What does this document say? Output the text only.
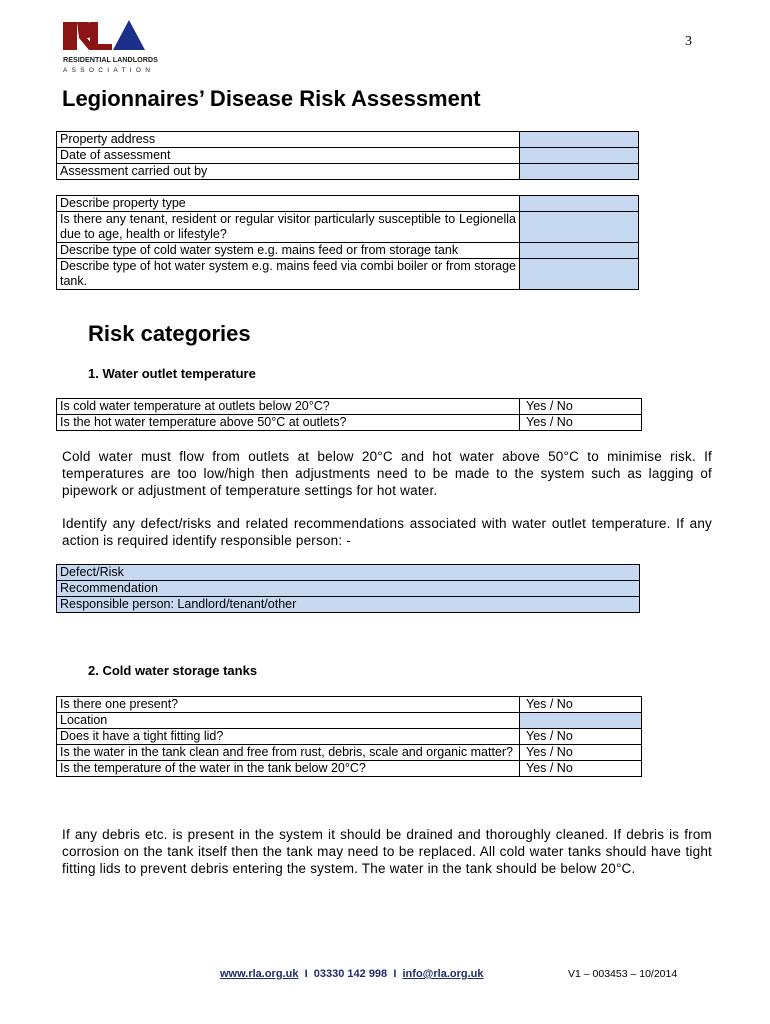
RESIDENTIAL LANDLORDS
ASSOCIATION
3
Legionnaires’ Disease Risk Assessment
Property address	
Date of assessment	
Assessment carried out by	
Describe property type	
Is there any tenant, resident or regular visitor particularly susceptible to Legionella due to age, health or lifestyle?	
Describe type of cold water system e.g. mains feed or from storage tank	
Describe type of hot water system e.g. mains feed via combi boiler or from storage tank.	
Risk categories
1. Water outlet temperature
Is cold water temperature at outlets below 20°C?	Yes / No
Is the hot water temperature above 50°C at outlets?	Yes / No

Cold water must flow from outlets at below 20°C and hot water above 50°C to minimise risk. If temperatures are too low/high then adjustments need to be made to the system such as lagging of pipework or adjustment of temperature settings for hot water.

Identify any defect/risks and related recommendations associated with water outlet temperature. If any action is required identify responsible person: -

Defect/Risk
Recommendation
Responsible person: Landlord/tenant/other
2. Cold water storage tanks
Is there one present?	Yes / No
Location	
Does it have a tight fitting lid?	Yes / No
Is the water in the tank clean and free from rust, debris, scale and organic matter?	Yes / No
Is the temperature of the water in the tank below 20°C?	Yes / No

If any debris etc. is present in the system it should be drained and thoroughly cleaned. If debris is from corrosion on the tank itself then the tank may need to be replaced. All cold water tanks should have tight fitting lids to prevent debris entering the system. The water in the tank should be below 20°C.

www.rla.org.uk I 03330 142 998 I info@rla.org.uk	V1 – 003453 – 10/2014
